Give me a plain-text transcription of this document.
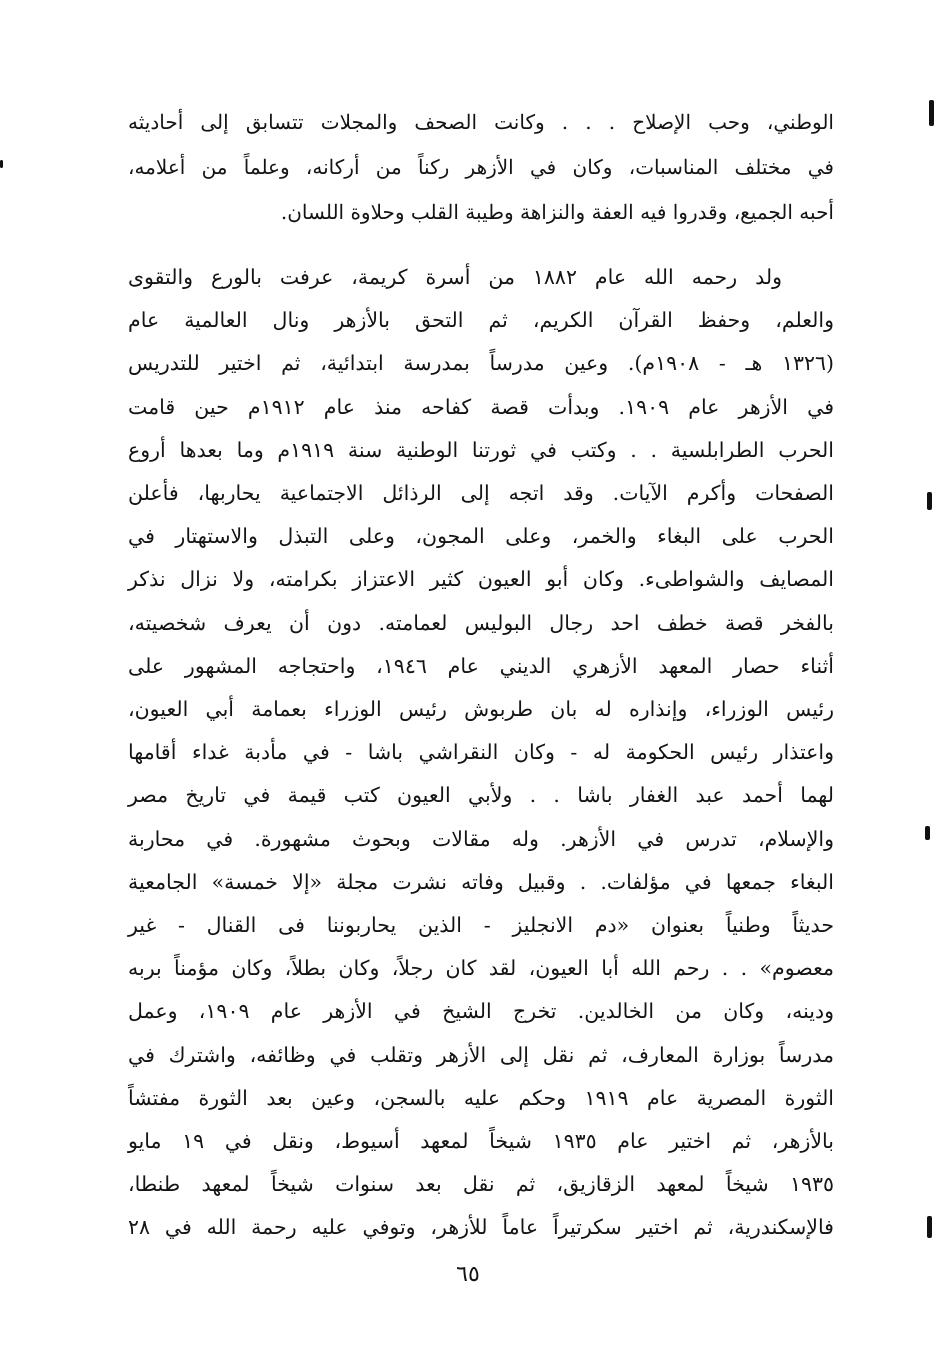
الوطني، وحب الإصلاح . . . وكانت الصحف والمجلات تتسابق إلى أحاديثه
في مختلف المناسبات، وكان في الأزهر ركناً من أركانه، وعلماً من أعلامه،
أحبه الجميع، وقدروا فيه العفة والنزاهة وطيبة القلب وحلاوة اللسان.

ولد رحمه الله عام ١٨٨٢ من أسرة كريمة، عرفت بالورع والتقوى
والعلم، وحفظ القرآن الكريم، ثم التحق بالأزهر ونال العالمية عام
(١٣٢٦ هـ - ١٩٠٨م). وعين مدرساً بمدرسة ابتدائية، ثم اختير للتدريس
في الأزهر عام ١٩٠٩. وبدأت قصة كفاحه منذ عام ١٩١٢م حين قامت
الحرب الطرابلسية . . وكتب في ثورتنا الوطنية سنة ١٩١٩م وما بعدها أروع
الصفحات وأكرم الآيات. وقد اتجه إلى الرذائل الاجتماعية يحاربها، فأعلن
الحرب على البغاء والخمر، وعلى المجون، وعلى التبذل والاستهتار في
المصايف والشواطىء. وكان أبو العيون كثير الاعتزاز بكرامته، ولا نزال نذكر
بالفخر قصة خطف احد رجال البوليس لعمامته. دون أن يعرف شخصيته،
أثناء حصار المعهد الأزهري الديني عام ١٩٤٦، واحتجاجه المشهور على
رئيس الوزراء، وإنذاره له بان طربوش رئيس الوزراء بعمامة أبي العيون،
واعتذار رئيس الحكومة له - وكان النقراشي باشا - في مأدبة غداء أقامها
لهما أحمد عبد الغفار باشا . . ولأبي العيون كتب قيمة في تاريخ مصر
والإسلام، تدرس في الأزهر. وله مقالات وبحوث مشهورة. في محاربة
البغاء جمعها في مؤلفات. . وقبيل وفاته نشرت مجلة «إلا خمسة» الجامعية
حديثاً وطنياً بعنوان «دم الانجليز - الذين يحاربوننا فى القنال - غير
معصوم» . . رحم الله أبا العيون، لقد كان رجلاً، وكان بطلاً، وكان مؤمناً بربه
ودينه، وكان من الخالدين. تخرج الشيخ في الأزهر عام ١٩٠٩، وعمل
مدرساً بوزارة المعارف، ثم نقل إلى الأزهر وتقلب في وظائفه، واشترك في
الثورة المصرية عام ١٩١٩ وحكم عليه بالسجن، وعين بعد الثورة مفتشاً
بالأزهر، ثم اختير عام ١٩٣٥ شيخاً لمعهد أسيوط، ونقل في ١٩ مايو
١٩٣٥ شيخاً لمعهد الزقازيق، ثم نقل بعد سنوات شيخاً لمعهد طنطا،
فالإسكندرية، ثم اختير سكرتيراً عاماً للأزهر، وتوفي عليه رحمة الله في ٢٨

٦٥
